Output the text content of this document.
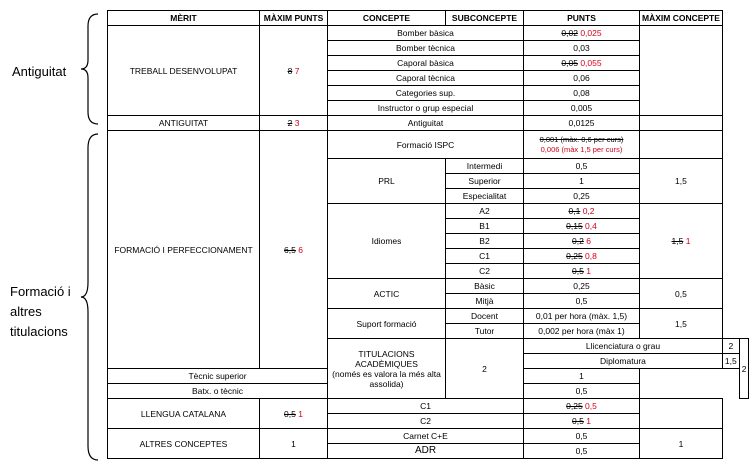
Antiguitat
Formació i
altres
titulacions
MÈRIT	MÀXIM PUNTS	CONCEPTE	SUBCONCEPTE	PUNTS	MÀXIM CONCEPTE		
TREBALL DESENVOLUPAT	8 7	Bomber bàsica		0,02 0,025			
		Bomber tècnica		0,03			
		Caporal bàsica		0,05 0,055			
		Caporal tècnica		0,06			
		Categories sup.		0,08			
		Instructor o grup especial		0,005			
ANTIGUITAT	2 3	Antiguitat		0,0125			
FORMACIÓ I PERFECCIONAMENT	6,5 6	Formació ISPC		0,001 (màx. 0,6 per curs)
0,006 (màx 1,5 per curs)			

		PRL	Intermedi	0,5	1,5		
			Superior	1			
			Especialitat	0,25			
		Idiomes	A2	0,1 0,2	1,5 1		
			B1	0,15 0,4			
			B2	0,2 6			
			C1	0,25 0,8			
			C2	0,5 1			
		ACTIC	Bàsic	0,25	0,5		
			Mitjà	0,5			
		Suport formació	Docent	0,01 per hora (màx. 1,5)	1,5		
			Tutor	0,002 per hora (màx 1)			

		TITULACIONS ACADÈMIQUES
(només es valora la més alta assolida)	2	Llicenciatura o grau		2	2
				Diplomatura		1,5	
Tècnic superior				1			
Batx. o tècnic				0,5			
LLENGUA CATALANA	0,5 1	C1		0,25 0,5			
		C2		0,5 1			
ALTRES CONCEPTES	1	Carnet C+E		0,5	1		
		ADR		0,5			
